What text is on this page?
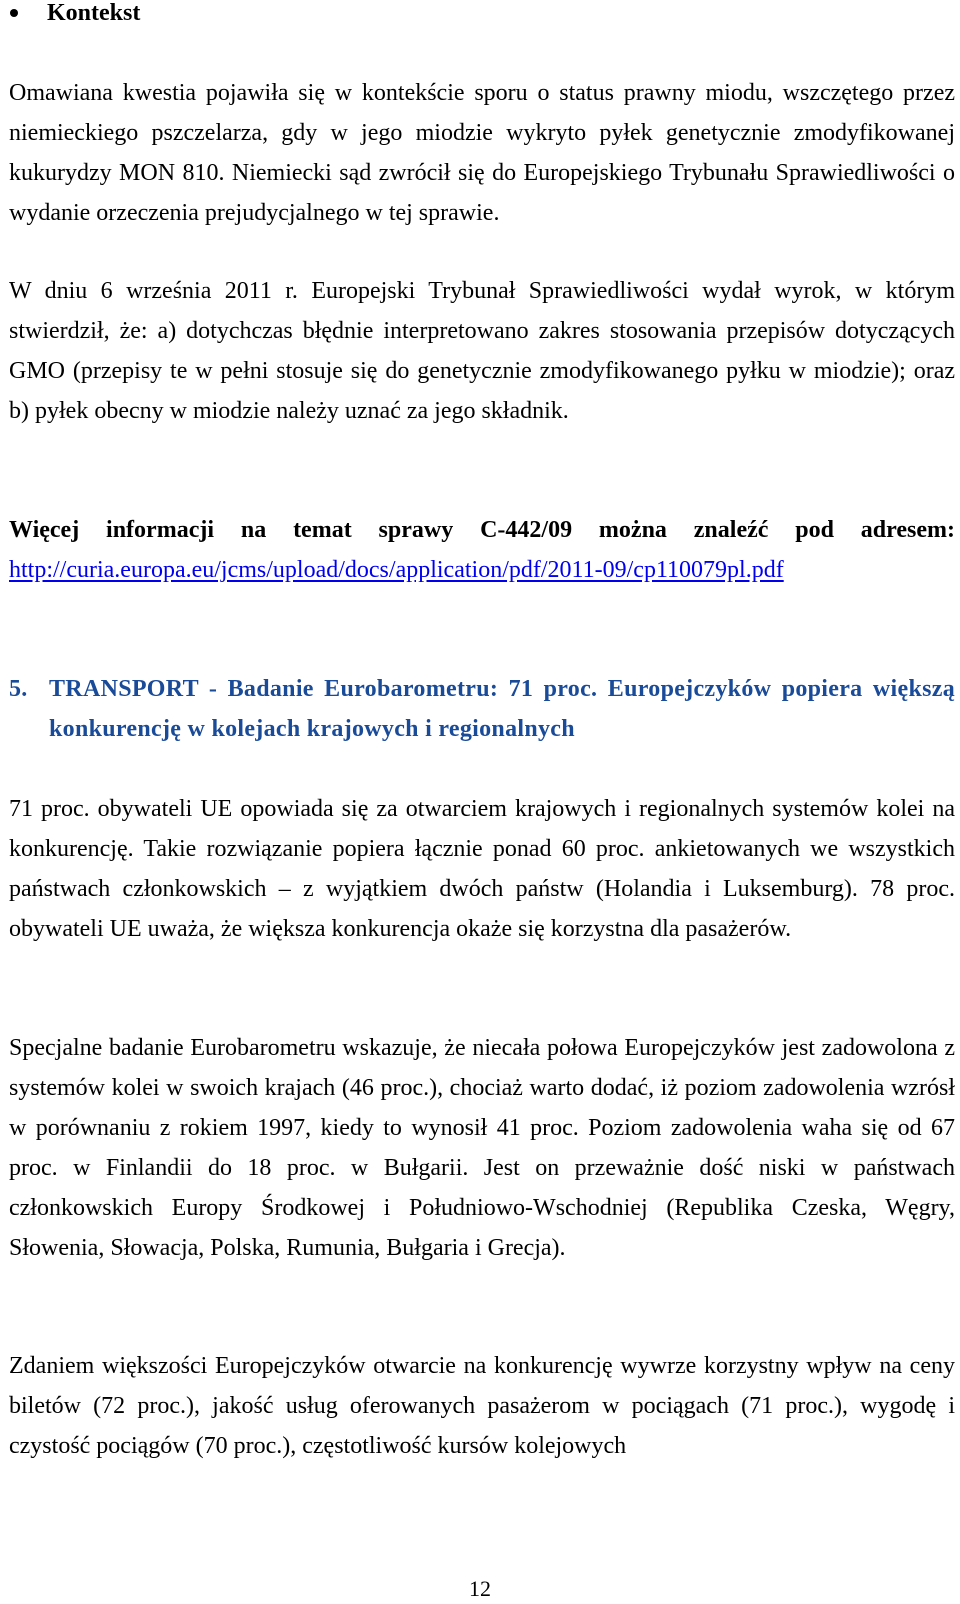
Kontekst
Omawiana kwestia pojawiła się w kontekście sporu o status prawny miodu, wszczętego przez niemieckiego pszczelarza, gdy w jego miodzie wykryto pyłek genetycznie zmodyfikowanej kukurydzy MON 810. Niemiecki sąd zwrócił się do Europejskiego Trybunału Sprawiedliwości o wydanie orzeczenia prejudycjalnego w tej sprawie.
W dniu 6 września 2011 r. Europejski Trybunał Sprawiedliwości wydał wyrok, w którym stwierdził, że: a) dotychczas błędnie interpretowano zakres stosowania przepisów dotyczących GMO (przepisy te w pełni stosuje się do genetycznie zmodyfikowanego pyłku w miodzie); oraz b) pyłek obecny w miodzie należy uznać za jego składnik.
Więcej informacji na temat sprawy C-442/09 można znaleźć pod adresem: http://curia.europa.eu/jcms/upload/docs/application/pdf/2011-09/cp110079pl.pdf
5. TRANSPORT - Badanie Eurobarometru: 71 proc. Europejczyków popiera większą konkurencję w kolejach krajowych i regionalnych
71 proc. obywateli UE opowiada się za otwarciem krajowych i regionalnych systemów kolei na konkurencję. Takie rozwiązanie popiera łącznie ponad 60 proc. ankietowanych we wszystkich państwach członkowskich – z wyjątkiem dwóch państw (Holandia i Luksemburg). 78 proc. obywateli UE uważa, że większa konkurencja okaże się korzystna dla pasażerów.
Specjalne badanie Eurobarometru wskazuje, że niecała połowa Europejczyków jest zadowolona z systemów kolei w swoich krajach (46 proc.), chociaż warto dodać, iż poziom zadowolenia wzrósł w porównaniu z rokiem 1997, kiedy to wynosił 41 proc. Poziom zadowolenia waha się od 67 proc. w Finlandii do 18 proc. w Bułgarii. Jest on przeważnie dość niski w państwach członkowskich Europy Środkowej i Południowo-Wschodniej (Republika Czeska, Węgry, Słowenia, Słowacja, Polska, Rumunia, Bułgaria i Grecja).
Zdaniem większości Europejczyków otwarcie na konkurencję wywrze korzystny wpływ na ceny biletów (72 proc.), jakość usług oferowanych pasażerom w pociągach (71 proc.), wygodę i czystość pociągów (70 proc.), częstotliwość kursów kolejowych
12
